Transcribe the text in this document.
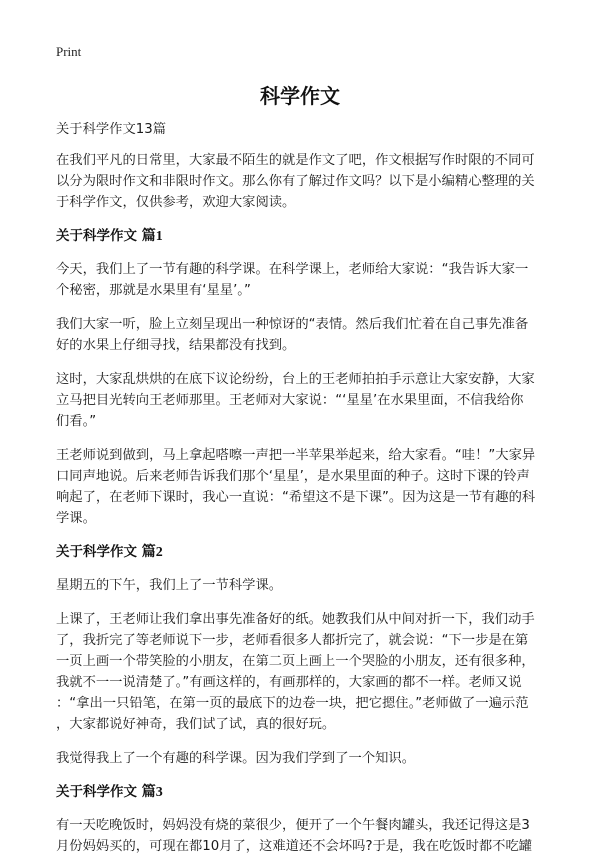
Print
科学作文

关于科学作文13篇

在我们平凡的日常里，大家最不陌生的就是作文了吧，作文根据写作时限的不同可
以分为限时作文和非限时作文。那么你有了解过作文吗？以下是小编精心整理的关
于科学作文，仅供参考，欢迎大家阅读。

关于科学作文 篇1

今天，我们上了一节有趣的科学课。在科学课上，老师给大家说：“我告诉大家一
个秘密，那就是水果里有‘星星’。”

我们大家一听，脸上立刻呈现出一种惊讶的“表情。然后我们忙着在自己事先准备
好的水果上仔细寻找，结果都没有找到。

这时，大家乱烘烘的在底下议论纷纷，台上的王老师拍拍手示意让大家安静，大家
立马把目光转向王老师那里。王老师对大家说：“‘星星’在水果里面，不信我给你
们看。”

王老师说到做到，马上拿起嗒嚓一声把一半苹果举起来，给大家看。“哇！”大家异
口同声地说。后来老师告诉我们那个‘星星’，是水果里面的种子。这时下课的铃声
响起了，在老师下课时，我心一直说：“希望这不是下课”。因为这是一节有趣的科
学课。

关于科学作文 篇2

星期五的下午，我们上了一节科学课。

上课了，王老师让我们拿出事先准备好的纸。她教我们从中间对折一下，我们动手
了，我折完了等老师说下一步，老师看很多人都折完了，就会说：“下一步是在第
一页上画一个带笑脸的小朋友，在第二页上画上一个哭脸的小朋友，还有很多种，
我就不一一说清楚了。”有画这样的，有画那样的，大家画的都不一样。老师又说
：“拿出一只铅笔，在第一页的最底下的边卷一块，把它摁住。”老师做了一遍示范
，大家都说好神奇，我们试了试，真的很好玩。

我觉得我上了一个有趣的科学课。因为我们学到了一个知识。

关于科学作文 篇3

有一天吃晚饭时，妈妈没有烧的菜很少，便开了一个午餐肉罐头，我还记得这是3
月份妈妈买的，可现在都10月了，这难道还不会坏吗?于是，我在吃饭时都不吃罐
